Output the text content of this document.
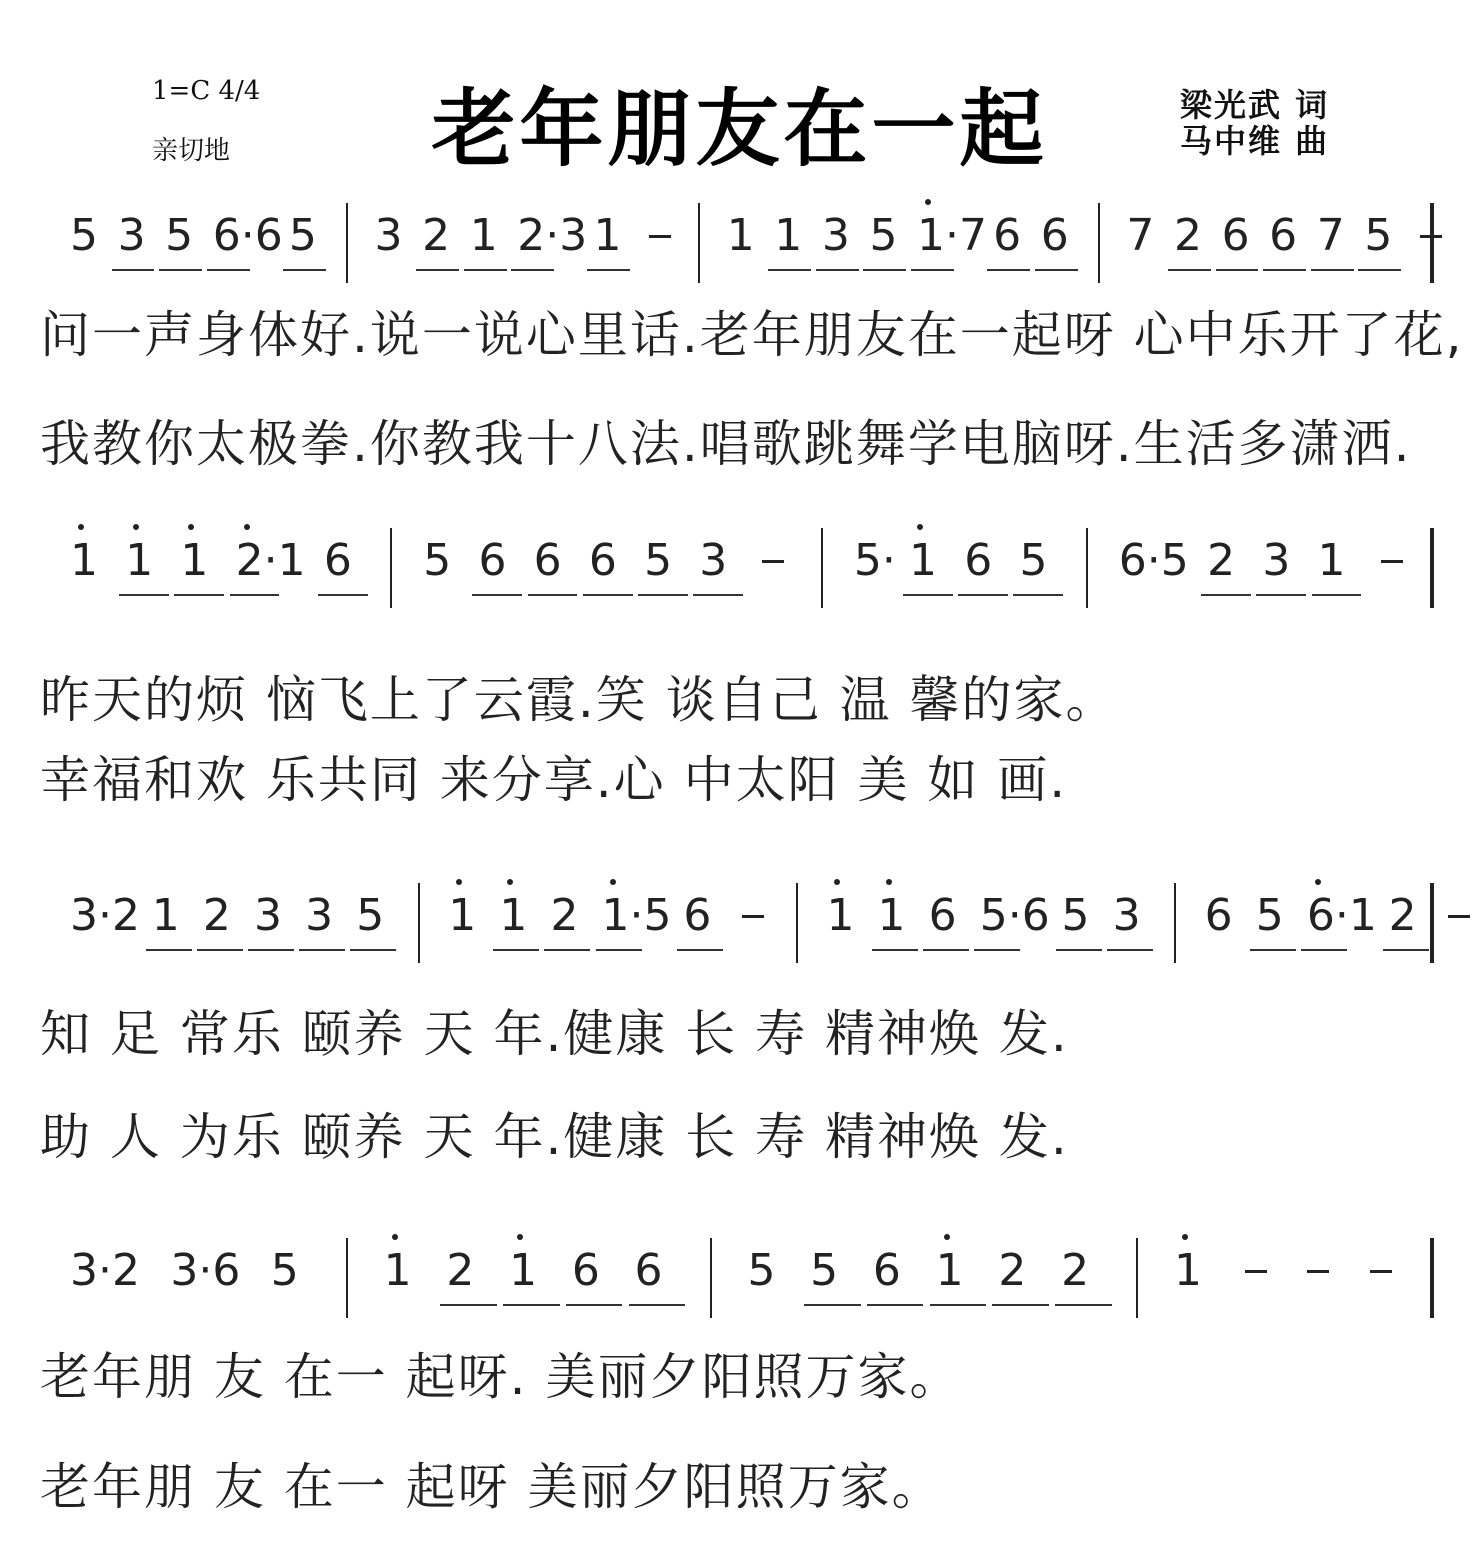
1=C 4/4
亲切地	老年朋友在一起	梁光武 词
马中维 曲
5 3 5 6·6 5 3 2 1 2·3 1 1 1 3 5 1·7 6 6 7 2 6 6 7 5
问一声身体好.说一说心里话.老年朋友在一起呀 心中乐开了花,
我教你太极拳.你教我十八法.唱歌跳舞学电脑呀.生活多潇洒.
1 1 1 2·1 6 5 6 6 6 5 3	5· 1 6 5 6·5 2 3 1
昨天的烦 恼飞上了云霞.笑 谈自己 温 馨的家。
幸福和欢 乐共同 来分享.心 中太阳 美 如 画.
3·2 1 2 3 3 5 1 1 2 1·5 6	1 1 6 5·6 5 3 6 5 6·1 2
知 足 常乐 颐养 天 年.健康 长 寿 精神焕 发.
助 人 为乐 颐养 天 年.健康 长 寿 精神焕 发.
3·2 3·6 5 1 2 1 6 6 5 5 6 1 2 2 1
老年朋 友 在一 起呀. 美丽夕阳照万家。
老年朋 友 在一 起呀 美丽夕阳照万家。
